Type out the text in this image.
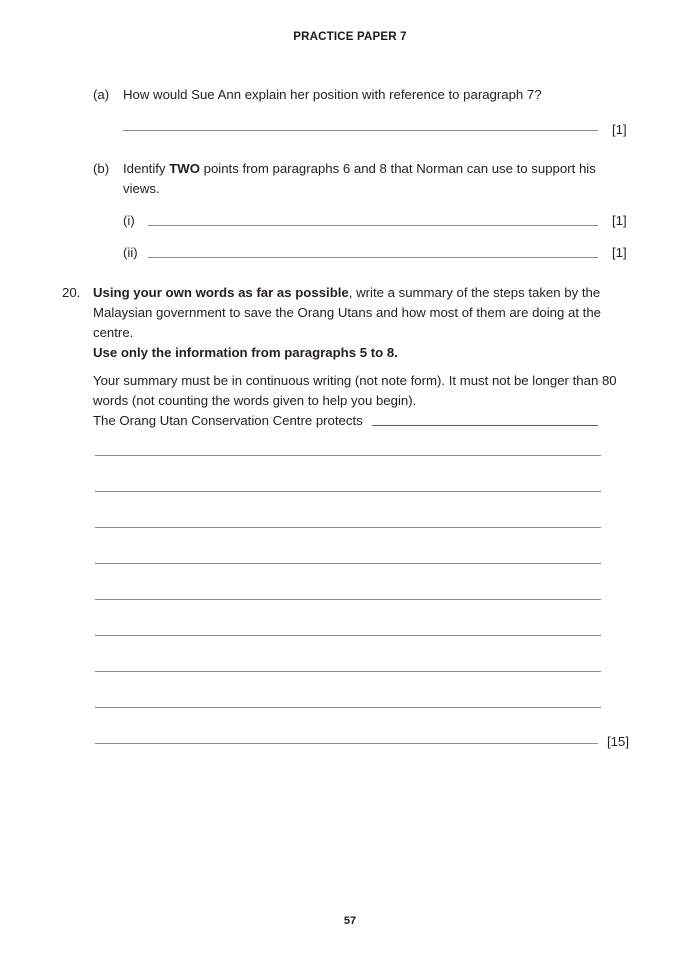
PRACTICE PAPER 7
(a)	How would Sue Ann explain her position with reference to paragraph 7?
[1]
(b)	Identify TWO points from paragraphs 6 and 8 that Norman can use to support his views.
(i)	[1]
(ii)	[1]
20. Using your own words as far as possible, write a summary of the steps taken by the Malaysian government to save the Orang Utans and how most of them are doing at the centre.

Use only the information from paragraphs 5 to 8.

Your summary must be in continuous writing (not note form). It must not be longer than 80 words (not counting the words given to help you begin).

The Orang Utan Conservation Centre protects
[15]
57
